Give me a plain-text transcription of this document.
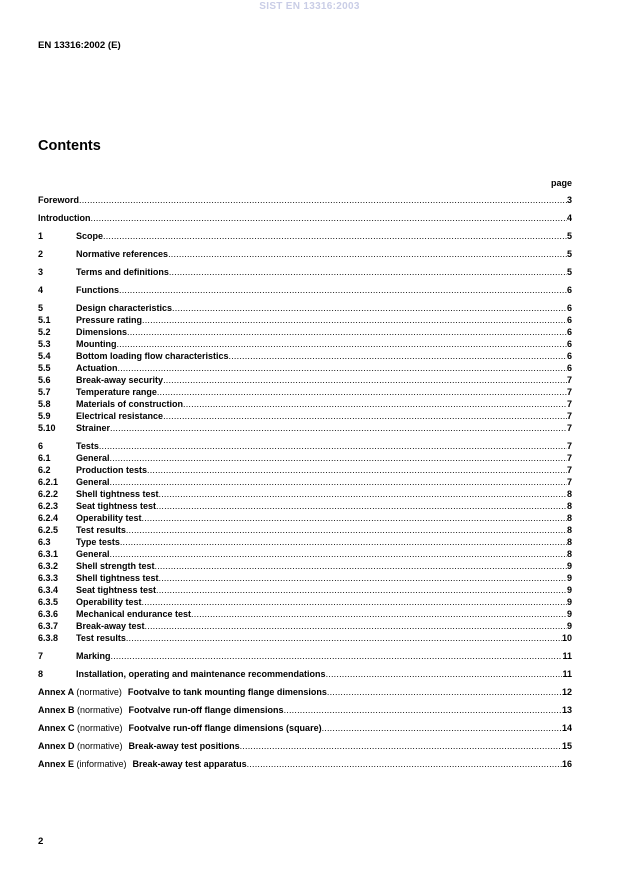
SIST EN 13316:2003
EN 13316:2002 (E)
Contents
page
Foreword .....	3
Introduction .....	4
1	Scope .....	5
2	Normative references .....	5
3	Terms and definitions .....	5
4	Functions .....	6
5	Design characteristics .....	6
5.1	Pressure rating .....	6
5.2	Dimensions .....	6
5.3	Mounting .....	6
5.4	Bottom loading flow characteristics .....	6
5.5	Actuation .....	6
5.6	Break-away security .....	7
5.7	Temperature range .....	7
5.8	Materials of construction .....	7
5.9	Electrical resistance .....	7
5.10	Strainer .....	7
6	Tests .....	7
6.1	General .....	7
6.2	Production tests .....	7
6.2.1	General .....	7
6.2.2	Shell tightness test .....	8
6.2.3	Seat tightness test .....	8
6.2.4	Operability test .....	8
6.2.5	Test results .....	8
6.3	Type tests .....	8
6.3.1	General .....	8
6.3.2	Shell strength test .....	9
6.3.3	Shell tightness test .....	9
6.3.4	Seat tightness test .....	9
6.3.5	Operability test .....	9
6.3.6	Mechanical endurance test .....	9
6.3.7	Break-away test .....	9
6.3.8	Test results .....	10
7	Marking .....	11
8	Installation, operating and maintenance recommendations .....	11
Annex A (normative) Footvalve to tank mounting flange dimensions .....	12
Annex B (normative) Footvalve run-off flange dimensions .....	13
Annex C (normative) Footvalve run-off flange dimensions (square) .....	14
Annex D (normative) Break-away test positions .....	15
Annex E (informative) Break-away test apparatus .....	16
2
